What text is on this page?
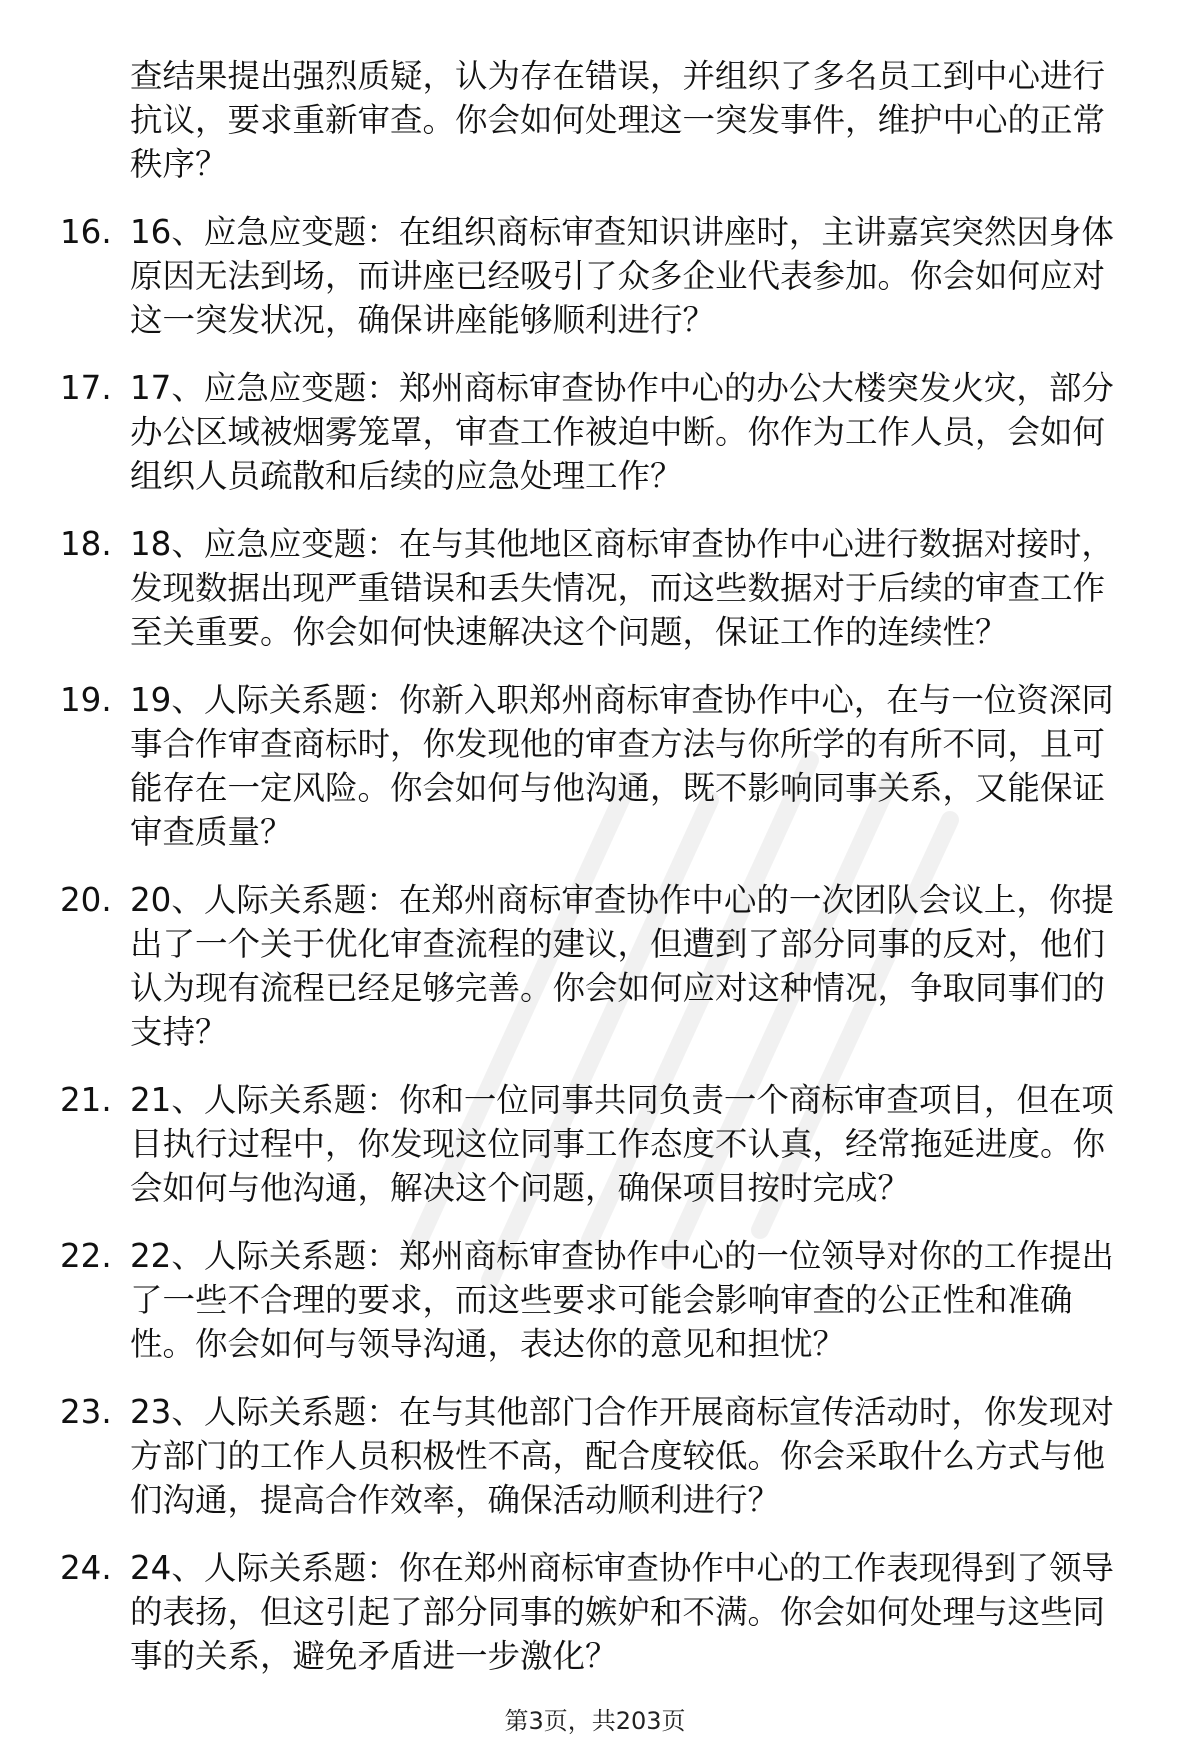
查结果提出强烈质疑，认为存在错误，并组织了多名员工到中心进行抗议，要求重新审查。你会如何处理这一突发事件，维护中心的正常秩序？
16. 16、应急应变题：在组织商标审查知识讲座时，主讲嘉宾突然因身体原因无法到场，而讲座已经吸引了众多企业代表参加。你会如何应对这一突发状况，确保讲座能够顺利进行？
17. 17、应急应变题：郑州商标审查协作中心的办公大楼突发火灾，部分办公区域被烟雾笼罩，审查工作被迫中断。你作为工作人员，会如何组织人员疏散和后续的应急处理工作？
18. 18、应急应变题：在与其他地区商标审查协作中心进行数据对接时，发现数据出现严重错误和丢失情况，而这些数据对于后续的审查工作至关重要。你会如何快速解决这个问题，保证工作的连续性？
19. 19、人际关系题：你新入职郑州商标审查协作中心，在与一位资深同事合作审查商标时，你发现他的审查方法与你所学的有所不同，且可能存在一定风险。你会如何与他沟通，既不影响同事关系，又能保证审查质量？
20. 20、人际关系题：在郑州商标审查协作中心的一次团队会议上，你提出了一个关于优化审查流程的建议，但遭到了部分同事的反对，他们认为现有流程已经足够完善。你会如何应对这种情况，争取同事们的支持？
21. 21、人际关系题：你和一位同事共同负责一个商标审查项目，但在项目执行过程中，你发现这位同事工作态度不认真，经常拖延进度。你会如何与他沟通，解决这个问题，确保项目按时完成？
22. 22、人际关系题：郑州商标审查协作中心的一位领导对你的工作提出了一些不合理的要求，而这些要求可能会影响审查的公正性和准确性。你会如何与领导沟通，表达你的意见和担忧？
23. 23、人际关系题：在与其他部门合作开展商标宣传活动时，你发现对方部门的工作人员积极性不高，配合度较低。你会采取什么方式与他们沟通，提高合作效率，确保活动顺利进行？
24. 24、人际关系题：你在郑州商标审查协作中心的工作表现得到了领导的表扬，但这引起了部分同事的嫉妒和不满。你会如何处理与这些同事的关系，避免矛盾进一步激化？
第3页，共203页
